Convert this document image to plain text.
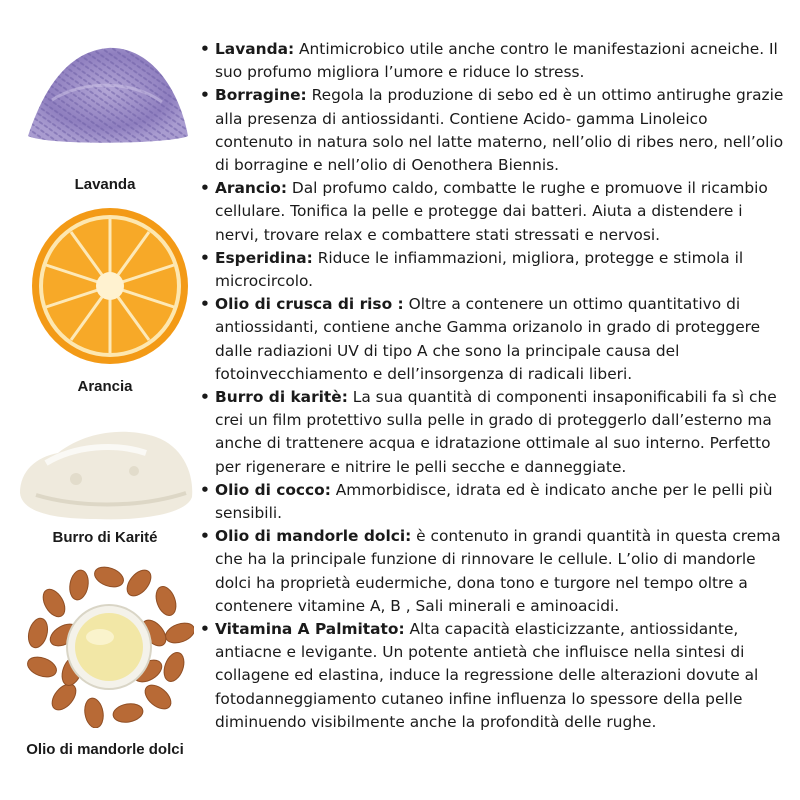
Lavanda
Arancia
Burro di Karité
Olio di mandorle dolci
• Lavanda: Antimicrobico utile anche contro le manifestazioni acneiche. Il suo profumo migliora l’umore e riduce lo stress.
• Borragine: Regola la produzione di sebo ed è un ottimo antirughe grazie alla presenza di antiossidanti. Contiene Acido- gamma Linoleico contenuto in natura solo nel latte materno, nell’olio di ribes nero, nell’olio di borragine e nell’olio di Oenothera Biennis.
• Arancio: Dal profumo caldo, combatte le rughe e promuove il ricambio cellulare. Tonifica la pelle e protegge dai batteri. Aiuta a distendere i nervi, trovare relax e combattere stati stressati e nervosi.
• Esperidina: Riduce le infiammazioni, migliora, protegge e stimola il microcircolo.
• Olio di crusca di riso : Oltre a contenere un ottimo quantitativo di antiossidanti, contiene anche Gamma orizanolo in grado di proteggere dalle radiazioni UV di tipo A che sono la principale causa del fotoinvecchiamento e dell’insorgenza di radicali liberi.
• Burro di karitè: La sua quantità di componenti insaponificabili fa sì che crei un film protettivo sulla pelle in grado di proteggerlo dall’esterno ma anche di trattenere acqua e idratazione ottimale al suo interno. Perfetto per rigenerare e nitrire le pelli secche e danneggiate.
• Olio di cocco: Ammorbidisce, idrata ed è indicato anche per le pelli più sensibili.
• Olio di mandorle dolci: è contenuto in grandi quantità in questa crema che ha la principale funzione di rinnovare le cellule. L’olio di mandorle dolci ha proprietà eudermiche, dona tono e turgore nel tempo oltre a contenere vitamine A, B , Sali minerali e aminoacidi.
• Vitamina A Palmitato: Alta capacità elasticizzante, antiossidante, antiacne e levigante. Un potente antietà che influisce nella sintesi di collagene ed elastina, induce la regressione delle alterazioni dovute al fotodanneggiamento cutaneo infine influenza lo spessore della pelle diminuendo visibilmente anche la profondità delle rughe.
